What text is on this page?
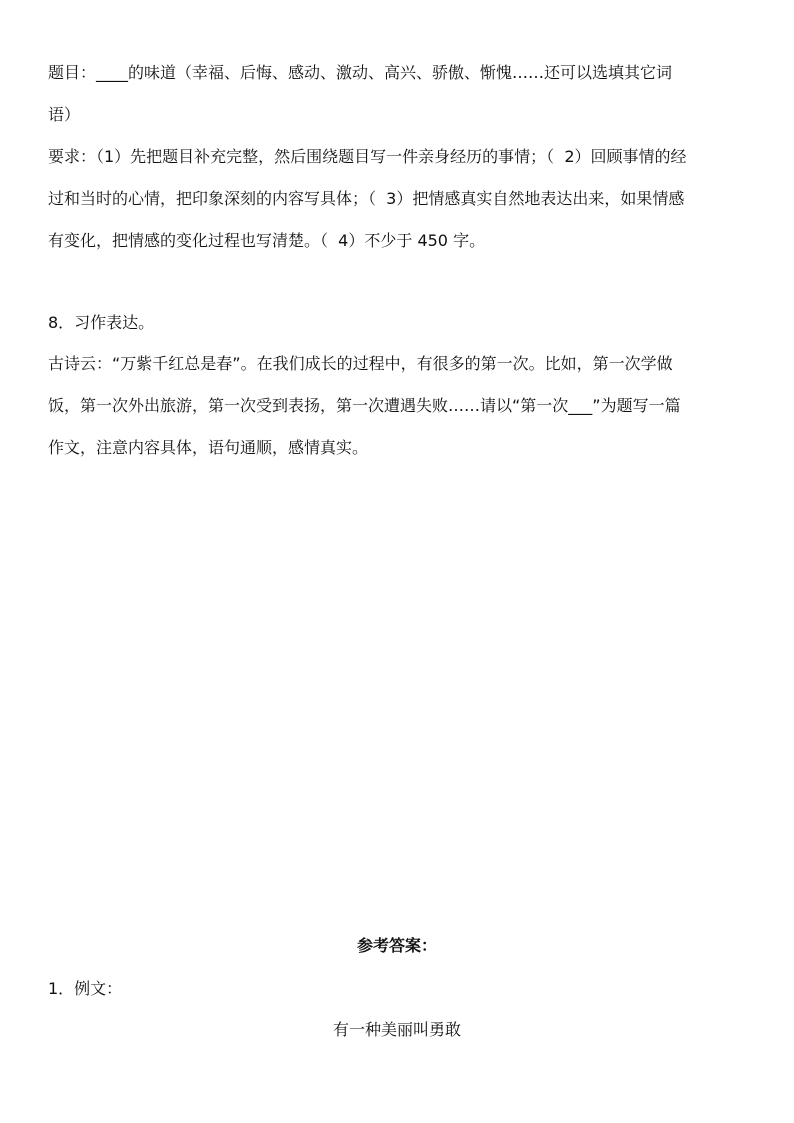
题目：____的味道（幸福、后悔、感动、激动、高兴、骄傲、惭愧……还可以选填其它词
语）
要求：（1）先把题目补充完整，然后围绕题目写一件亲身经历的事情；（  2）回顾事情的经
过和当时的心情，把印象深刻的内容写具体；（  3）把情感真实自然地表达出来，如果情感
有变化，把情感的变化过程也写清楚。（  4）不少于 450 字。
8．习作表达。
古诗云：“万紫千红总是春”。在我们成长的过程中，有很多的第一次。比如，第一次学做
饭，第一次外出旅游，第一次受到表扬，第一次遭遇失败……请以“第一次___”为题写一篇
作文，注意内容具体，语句通顺，感情真实。
参考答案：
1．例文：
有一种美丽叫勇敢
